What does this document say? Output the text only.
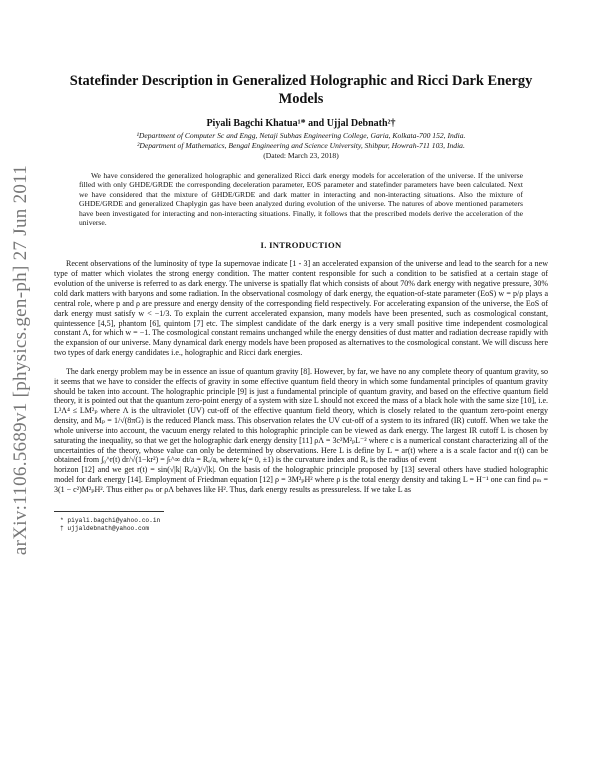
arXiv:1106.5689v1 [physics.gen-ph] 27 Jun 2011
Statefinder Description in Generalized Holographic and Ricci Dark Energy Models
Piyali Bagchi Khatua¹* and Ujjal Debnath²†
¹Department of Computer Sc and Engg, Netaji Subhas Engineering College, Garia, Kolkata-700 152, India.
²Department of Mathematics, Bengal Engineering and Science University, Shibpur, Howrah-711 103, India.
(Dated: March 23, 2018)

We have considered the generalized holographic and generalized Ricci dark energy models for acceleration of the universe. If the universe filled with only GHDE/GRDE the corresponding deceleration parameter, EOS parameter and statefinder parameters have been calculated. Next we have considered that the mixture of GHDE/GRDE and dark matter in interacting and non-interacting situations. Also the mixture of GHDE/GRDE and generalized Chaplygin gas have been analyzed during evolution of the universe. The natures of above mentioned parameters have been investigated for interacting and non-interacting situations. Finally, it follows that the prescribed models derive the acceleration of the universe.

I. INTRODUCTION

Recent observations of the luminosity of type Ia supernovae indicate [1 - 3] an accelerated expansion of the universe and lead to the search for a new type of matter which violates the strong energy condition. The matter content responsible for such a condition to be satisfied at a certain stage of evolution of the universe is referred to as dark energy. The universe is spatially flat which consists of about 70% dark energy with negative pressure, 30% cold dark matters with baryons and some radiation. In the observational cosmology of dark energy, the equation-of-state parameter (EoS) w = p/ρ plays a central role, where p and ρ are pressure and energy density of the corresponding field respectively. For accelerating expansion of the universe, the EoS of dark energy must satisfy w < −1/3. To explain the current accelerated expansion, many models have been presented, such as cosmological constant, quintessence [4,5], phantom [6], quintom [7] etc. The simplest candidate of the dark energy is a very small positive time independent cosmological constant Λ, for which w = −1. The cosmological constant remains unchanged while the energy densities of dust matter and radiation decrease rapidly with the expansion of our universe. Many dynamical dark energy models have been proposed as alternatives to the cosmological constant. We will discuss here two types of dark energy candidates i.e., holographic and Ricci dark energies.

The dark energy problem may be in essence an issue of quantum gravity [8]. However, by far, we have no any complete theory of quantum gravity, so it seems that we have to consider the effects of gravity in some effective quantum field theory in which some fundamental principles of quantum gravity should be taken into account. The holographic principle [9] is just a fundamental principle of quantum gravity, and based on the effective quantum field theory, it is pointed out that the quantum zero-point energy of a system with size L should not exceed the mass of a black hole with the same size [10], i.e. L³Λ⁴ ≤ LM²ₚ where Λ is the ultraviolet (UV) cut-off of the effective quantum field theory, which is closely related to the quantum zero-point energy density, and Mₚ = 1/√(8πG) is the reduced Planck mass. This observation relates the UV cut-off of a system to its infrared (IR) cutoff. When we take the whole universe into account, the vacuum energy related to this holographic principle can be viewed as dark energy. The largest IR cutoff L is chosen by saturating the inequality, so that we get the holographic dark energy density [11] ρΛ = 3c²M²ₚL⁻² where c is a numerical constant characterizing all of the uncertainties of the theory, whose value can only be determined by observations. Here L is define by L = ar(t) where a is a scale factor and r(t) can be obtained from ∫₀^r(t) dr/√(1−kr²) = ∫ₜ^∞ dt/a = Rₑ/a, where k(= 0, ±1) is the curvature index and Rₑ is the radius of event

horizon [12] and we get r(t) = sin(√|k| Rₑ/a)/√|k|. On the basis of the holographic principle proposed by [13] several others have studied holographic model for dark energy [14]. Employment of Friedman equation [12] ρ = 3M²ₚH² where ρ is the total energy density and taking L = H⁻¹ one can find ρₘ = 3(1 − c²)M²ₚH². Thus either ρₘ or ρΛ behaves like H². Thus, dark energy results as pressureless. If we take L as

* piyali.bagchi@yahoo.co.in
† ujjaldebnath@yahoo.com
